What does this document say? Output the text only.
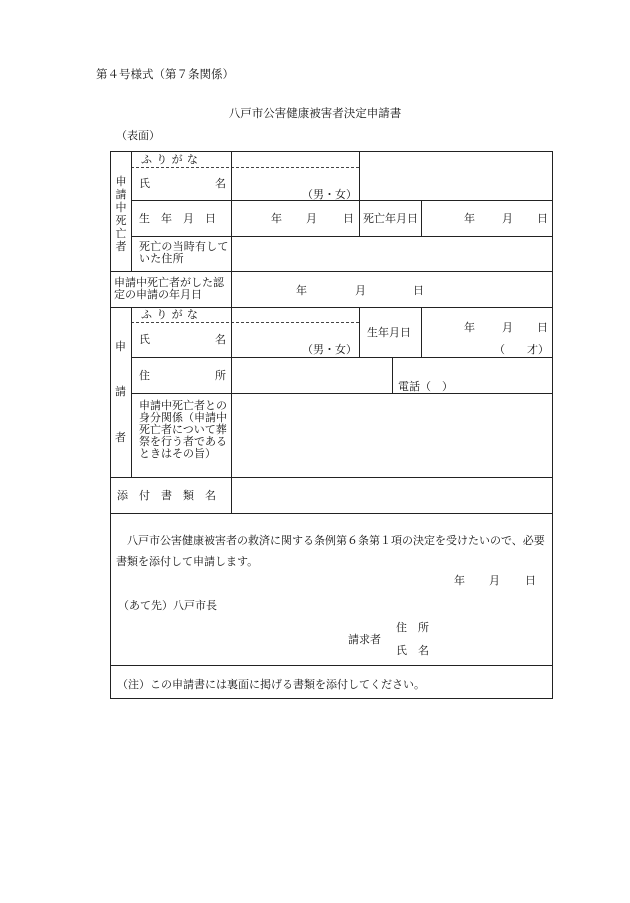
第４号様式（第７条関係）
八戸市公害健康被害者決定申請書
（表面）
申
請
中
死
亡
者
ふ り が な
氏	名
（男・女）
生　年　月　日	年 月 日 死亡年月日	年 月 日
死亡の当時有していた住所
申請中死亡者がした認定の申請の年月日	年	月	日
申
請
者
ふ り が な
氏	名
（男・女）
生年月日	年 月 日
（　　才）
住	所
電話（　）
申請中死亡者との身分関係（申請中死亡者について葬祭を行う者であるときはその旨）
添　付　書　類　名
八戸市公害健康被害者の救済に関する条例第６条第１項の決定を受けたいので、必要書類を添付して申請します。
年 月 日
（あて先）八戸市長
請求者
住　所
氏　名
（注）この申請書には裏面に掲げる書類を添付してください。
